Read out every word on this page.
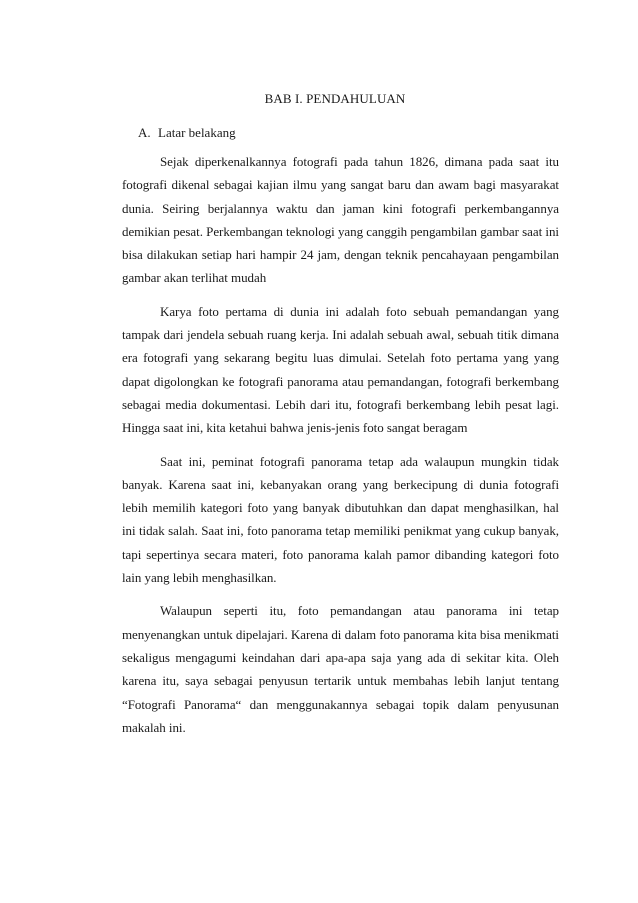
BAB I. PENDAHULUAN
A. Latar belakang

Sejak diperkenalkannya fotografi pada tahun 1826, dimana pada saat itu fotografi dikenal sebagai kajian ilmu yang sangat baru dan awam bagi masyarakat dunia. Seiring berjalannya waktu dan jaman kini fotografi perkembangannya demikian pesat. Perkembangan teknologi yang canggih pengambilan gambar saat ini bisa dilakukan setiap hari hampir 24 jam, dengan teknik pencahayaan pengambilan gambar akan terlihat mudah

Karya foto pertama di dunia ini adalah foto sebuah pemandangan yang tampak dari jendela sebuah ruang kerja. Ini adalah sebuah awal, sebuah titik dimana era fotografi yang sekarang begitu luas dimulai. Setelah foto pertama yang yang dapat digolongkan ke fotografi panorama atau pemandangan, fotografi berkembang sebagai media dokumentasi. Lebih dari itu, fotografi berkembang lebih pesat lagi. Hingga saat ini, kita ketahui bahwa jenis-jenis foto sangat beragam

Saat ini, peminat fotografi panorama tetap ada walaupun mungkin tidak banyak. Karena saat ini, kebanyakan orang yang berkecipung di dunia fotografi lebih memilih kategori foto yang banyak dibutuhkan dan dapat menghasilkan, hal ini tidak salah. Saat ini, foto panorama tetap memiliki penikmat yang cukup banyak, tapi sepertinya secara materi, foto panorama kalah pamor dibanding kategori foto lain yang lebih menghasilkan.

Walaupun seperti itu, foto pemandangan atau panorama ini tetap menyenangkan untuk dipelajari. Karena di dalam foto panorama kita bisa menikmati sekaligus mengagumi keindahan dari apa-apa saja yang ada di sekitar kita. Oleh karena itu, saya sebagai penyusun tertarik untuk membahas lebih lanjut tentang “Fotografi Panorama“ dan menggunakannya sebagai topik dalam penyusunan makalah ini.
